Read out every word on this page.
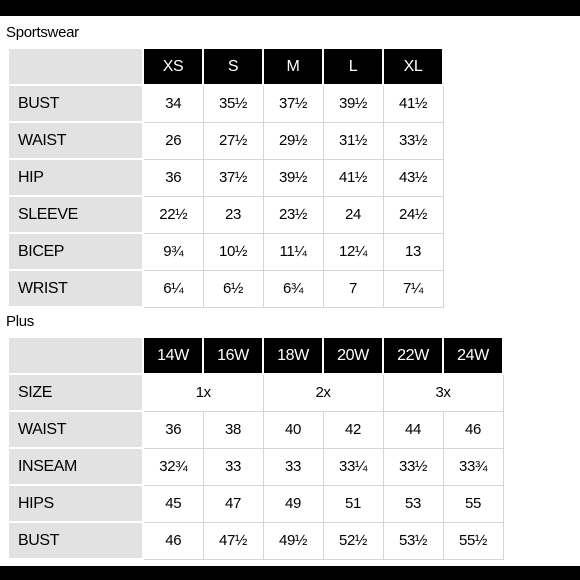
Sportswear
	XS	S	M	L	XL
BUST	34	35½	37½	39½	41½
WAIST	26	27½	29½	31½	33½
HIP	36	37½	39½	41½	43½
SLEEVE	22½	23	23½	24	24½
BICEP	9¾	10½	11¼	12¼	13
WRIST	6¼	6½	6¾	7	7¼
Plus
	14W	16W	18W	20W	22W	24W
SIZE	1x		2x		3x	
WAIST	36	38	40	42	44	46
INSEAM	32¾	33	33	33¼	33½	33¾
HIPS	45	47	49	51	53	55
BUST	46	47½	49½	52½	53½	55½
